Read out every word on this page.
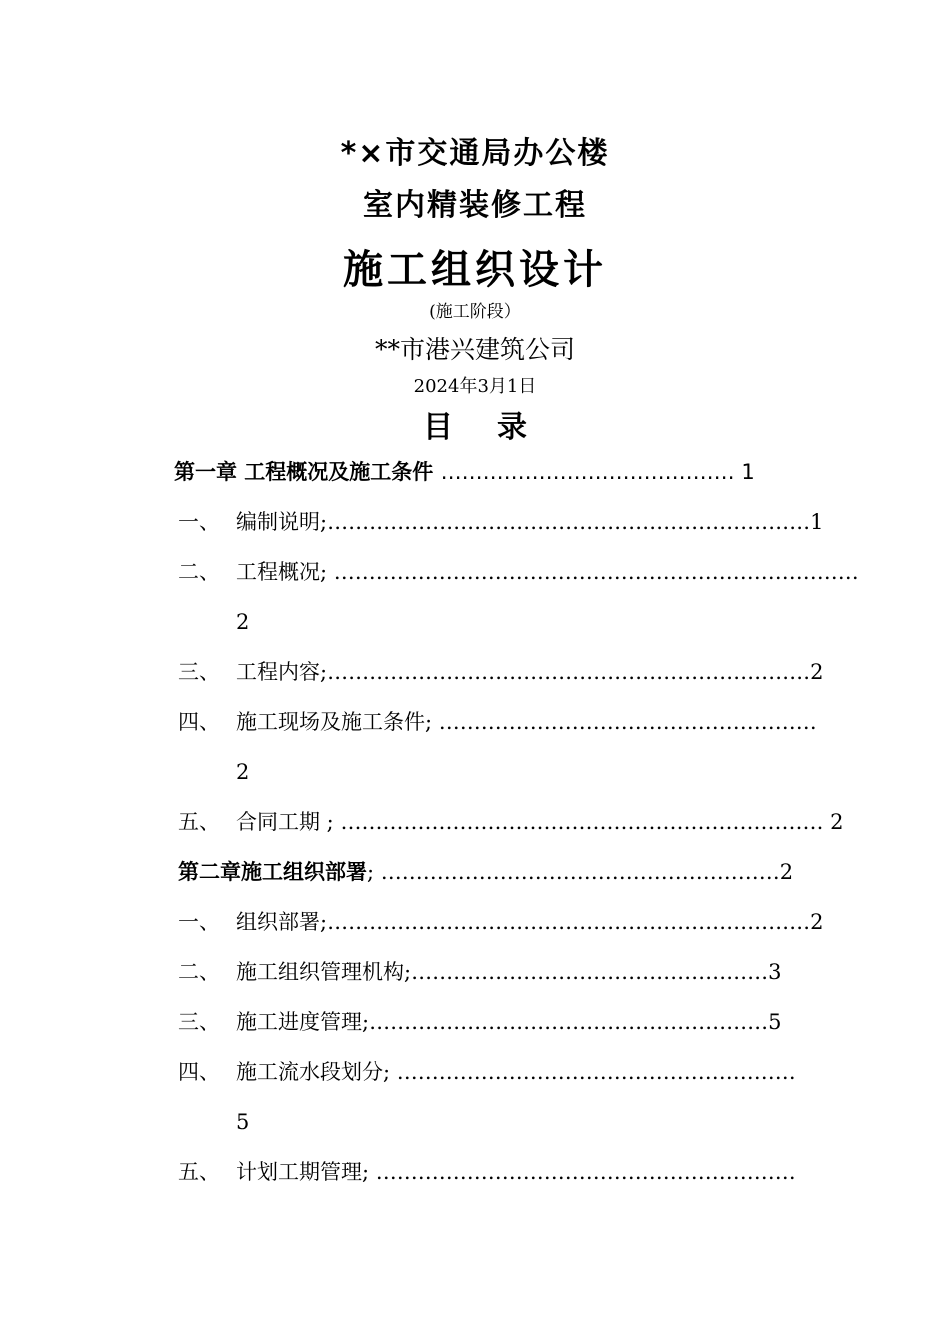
*⨯市交通局办公楼
室内精装修工程
施工组织设计
(施工阶段）
**市港兴建筑公司
2024年3月1日
目录
第一章 工程概况及施工条件 …………………………………… 1
一、 编制说明;……………………………………………………………1
二、 工程概况; …………………………………………………………………
2
三、 工程内容;……………………………………………………………2
四、 施工现场及施工条件; ………………………………………………
2
五、 合同工期 ; …………………………………………………………… 2
第二章施工组织部署; …………………………………………………2
一、 组织部署;……………………………………………………………2
二、 施工组织管理机构;……………………………………………3
三、 施工进度管理;…………………………………………………5
四、 施工流水段划分; …………………………………………………
5
五、 计划工期管理; ……………………………………………………
